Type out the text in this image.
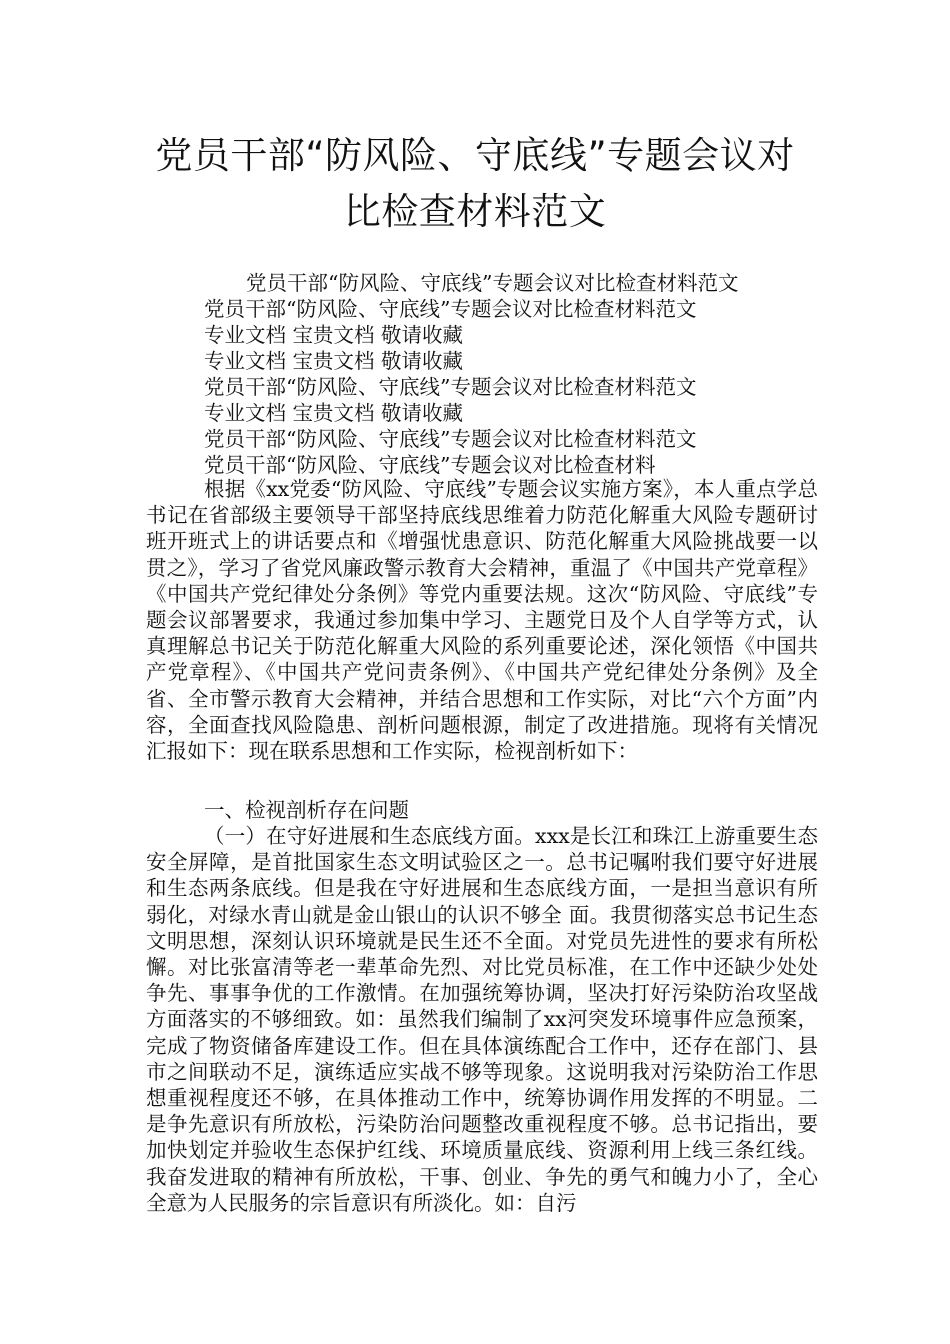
党员干部“防风险、守底线”专题会议对
比检查材料范文
党员干部“防风险、守底线”专题会议对比检查材料范文
党员干部“防风险、守底线”专题会议对比检查材料范文
专业文档 宝贵文档 敬请收藏
专业文档 宝贵文档 敬请收藏
党员干部“防风险、守底线”专题会议对比检查材料范文
专业文档 宝贵文档 敬请收藏
党员干部“防风险、守底线”专题会议对比检查材料范文
党员干部“防风险、守底线”专题会议对比检查材料

根据《xx党委“防风险、守底线”专题会议实施方案》，本人重点学总书记在省部级主要领导干部坚持底线思维着力防范化解重大风险专题研讨班开班式上的讲话要点和《增强忧患意识、防范化解重大风险挑战要一以贯之》，学习了省党风廉政警示教育大会精神，重温了《中国共产党章程》《中国共产党纪律处分条例》等党内重要法规。这次“防风险、守底线”专题会议部署要求，我通过参加集中学习、主题党日及个人自学等方式，认真理解总书记关于防范化解重大风险的系列重要论述，深化领悟《中国共产党章程》、《中国共产党问责条例》、《中国共产党纪律处分条例》及全省、全市警示教育大会精神，并结合思想和工作实际，对比“六个方面”内容，全面查找风险隐患、剖析问题根源，制定了改进措施。现将有关情况汇报如下：现在联系思想和工作实际，检视剖析如下：

一、检视剖析存在问题

（一）在守好进展和生态底线方面。xxx是长江和珠江上游重要生态安全屏障，是首批国家生态文明试验区之一。总书记嘱咐我们要守好进展和生态两条底线。但是我在守好进展和生态底线方面，一是担当意识有所弱化，对绿水青山就是金山银山的认识不够全 面。我贯彻落实总书记生态文明思想，深刻认识环境就是民生还不全面。对党员先进性的要求有所松懈。对比张富清等老一辈革命先烈、对比党员标准，在工作中还缺少处处争先、事事争优的工作激情。在加强统筹协调，坚决打好污染防治攻坚战方面落实的不够细致。如：虽然我们编制了xx河突发环境事件应急预案，完成了物资储备库建设工作。但在具体演练配合工作中，还存在部门、县市之间联动不足，演练适应实战不够等现象。这说明我对污染防治工作思想重视程度还不够，在具体推动工作中，统筹协调作用发挥的不明显。二是争先意识有所放松，污染防治问题整改重视程度不够。总书记指出，要加快划定并验收生态保护红线、环境质量底线、资源利用上线三条红线。我奋发进取的精神有所放松，干事、创业、争先的勇气和魄力小了，全心全意为人民服务的宗旨意识有所淡化。如：自污
